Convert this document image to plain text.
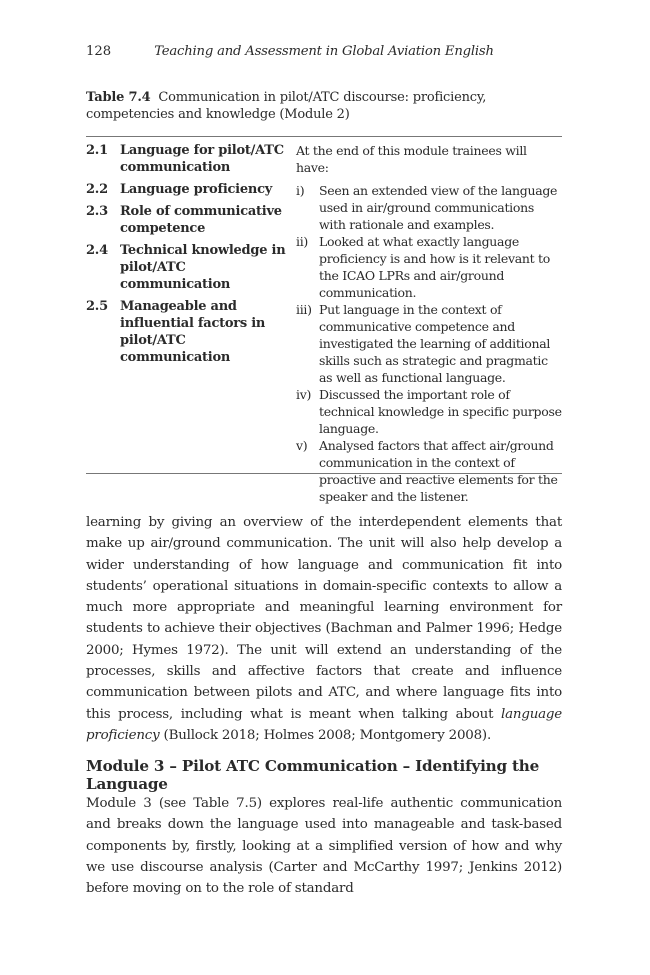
128	Teaching and Assessment in Global Aviation English
Table 7.4 Communication in pilot/ATC discourse: proficiency, competencies and knowledge (Module 2)
2.1 Language for pilot/ATC communication
2.2 Language proficiency
2.3 Role of communicative competence
2.4 Technical knowledge in pilot/ATC communication
2.5 Manageable and influential factors in pilot/ATC communication
At the end of this module trainees will have:
i)	Seen an extended view of the language used in air/ground communications with rationale and examples.
ii) Looked at what exactly language proficiency is and how is it relevant to the ICAO LPRs and air/ground communication.
iii) Put language in the context of communicative competence and investigated the learning of additional skills such as strategic and pragmatic as well as functional language.
iv) Discussed the important role of technical knowledge in specific purpose language.
v) Analysed factors that affect air/ground communication in the context of proactive and reactive elements for the speaker and the listener.

learning by giving an overview of the interdependent elements that make up air/ground communication. The unit will also help develop a wider understanding of how language and communication fit into students’ operational situations in domain-specific contexts to allow a much more appropriate and meaningful learning environment for students to achieve their objectives (Bachman and Palmer 1996; Hedge 2000; Hymes 1972). The unit will extend an understanding of the processes, skills and affective factors that create and influence communication between pilots and ATC, and where language fits into this process, including what is meant when talking about language proficiency (Bullock 2018; Holmes 2008; Montgomery 2008).

Module 3 – Pilot ATC Communication – Identifying the Language

Module 3 (see Table 7.5) explores real-life authentic communication and breaks down the language used into manageable and task-based components by, firstly, looking at a simplified version of how and why we use discourse analysis (Carter and McCarthy 1997; Jenkins 2012) before moving on to the role of standard
